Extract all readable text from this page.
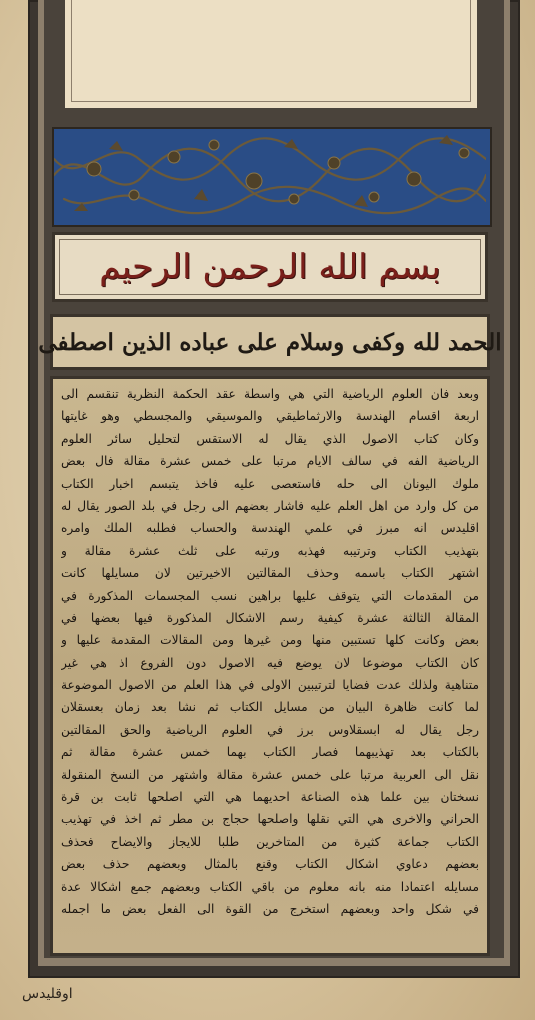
بسم الله الرحمن الرحيم
الحمد لله وكفى وسلام على عباده الذين اصطفى
وبعد فان العلوم الرياضية التي هي واسطة عقد الحكمة النظرية تنقسم الى
اربعة اقسام الهندسة والارثماطيقي والموسيقي والمجسطي وهو غايتها
وكان كتاب الاصول الذي يقال له الاستقس لتحليل سائر العلوم
الرياضية الفه في سالف الايام مرتبا على خمس عشرة مقالة فال بعض
ملوك اليونان الى حله فاستعصى عليه فاخذ يتبسم اخبار الكتاب
من كل وارد من اهل العلم عليه فاشار بعضهم الى رجل في بلد الصور يقال له
اقليدس انه مبرز في علمي الهندسة والحساب فطلبه الملك وامره
بتهذيب الكتاب وترتيبه فهذبه ورتبه على ثلث عشرة مقالة و
اشتهر الكتاب باسمه وحذف المقالتين الاخيرتين لان مسايلها كانت
من المقدمات التي يتوقف عليها براهين نسب المجسمات المذكورة في
المقالة الثالثة عشرة كيفية رسم الاشكال المذكورة فيها بعضها في
بعض وكانت كلها تستبين منها ومن غيرها ومن المقالات المقدمة عليها و
كان الكتاب موضوعا لان يوضع فيه الاصول دون الفروع اذ هي غير
متناهية ولذلك عدت فضايا لترتيبين الاولى في هذا العلم من الاصول الموضوعة
لما كانت ظاهرة البيان من مسايل الكتاب ثم نشا بعد زمان بعسقلان
رجل يقال له ابسقلاوس برز في العلوم الرياضية والحق المقالتين
بالكتاب بعد تهذيبهما فصار الكتاب بهما خمس عشرة مقالة ثم
نقل الى العربية مرتبا على خمس عشرة مقالة واشتهر من النسخ المنقولة
نسختان بين علما هذه الصناعة احديهما هي التي اصلحها ثابت بن قرة
الحراني والاخرى هي التي نقلها واصلحها حجاج بن مطر ثم اخذ في تهذيب
الكتاب جماعة كثيرة من المتاخرين طلبا للايجاز والايضاح فحذف
بعضهم دعاوي اشكال الكتاب وقنع بالمثال وبعضهم حذف بعض
مسايله اعتمادا منه بانه معلوم من باقي الكتاب وبعضهم جمع اشكالا عدة
في شكل واحد وبعضهم استخرج من القوة الى الفعل بعض ما اجمله
اوقليدس
